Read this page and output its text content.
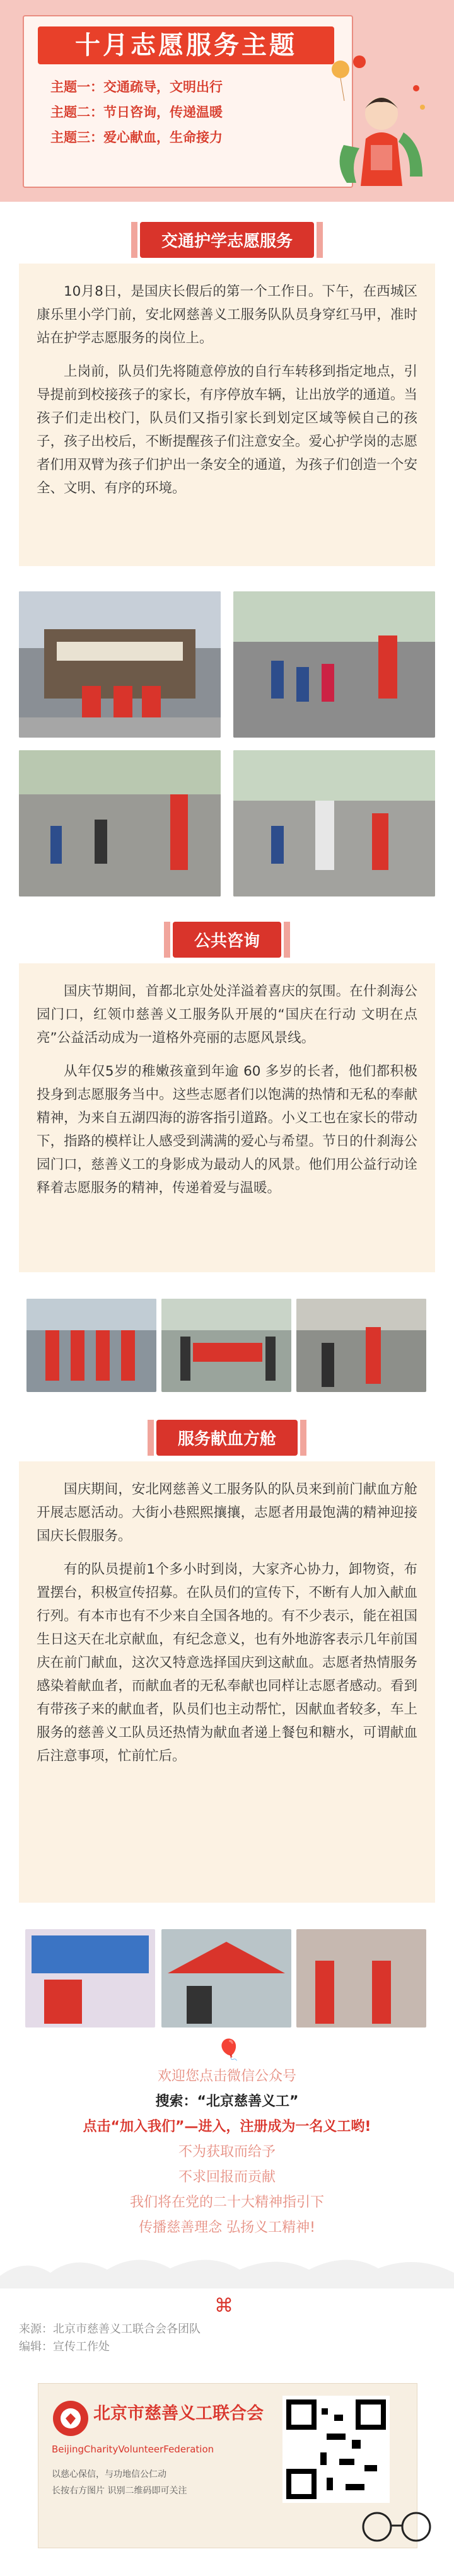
十月志愿服务主题
主题一：交通疏导，文明出行
主题二：节日咨询，传递温暖
主题三：爱心献血，生命接力
交通护学志愿服务

10月8日，是国庆长假后的第一个工作日。下午，在西城区康乐里小学门前，安北网慈善义工服务队队员身穿红马甲，准时站在护学志愿服务的岗位上。

上岗前，队员们先将随意停放的自行车转移到指定地点，引导提前到校接孩子的家长，有序停放车辆，让出放学的通道。当孩子们走出校门，队员们又指引家长到划定区域等候自己的孩子，孩子出校后，不断提醒孩子们注意安全。爱心护学岗的志愿者们用双臂为孩子们护出一条安全的通道，为孩子们创造一个安全、文明、有序的环境。

公共咨询

国庆节期间，首都北京处处洋溢着喜庆的氛围。在什刹海公园门口，红领巾慈善义工服务队开展的“国庆在行动 文明在点亮”公益活动成为一道格外亮丽的志愿风景线。

从年仅5岁的稚嫩孩童到年逾 60 多岁的长者，他们都积极投身到志愿服务当中。这些志愿者们以饱满的热情和无私的奉献精神，为来自五湖四海的游客指引道路。小义工也在家长的带动下，指路的模样让人感受到满满的爱心与希望。节日的什刹海公园门口，慈善义工的身影成为最动人的风景。他们用公益行动诠释着志愿服务的精神，传递着爱与温暖。

服务献血方舱

国庆期间，安北网慈善义工服务队的队员来到前门献血方舱开展志愿活动。大街小巷熙熙攘攘，志愿者用最饱满的精神迎接国庆长假服务。

有的队员提前1个多小时到岗，大家齐心协力，卸物资，布置摆台，积极宣传招募。在队员们的宣传下，不断有人加入献血行列。有本市也有不少来自全国各地的。有不少表示，能在祖国生日这天在北京献血，有纪念意义，也有外地游客表示几年前国庆在前门献血，这次又特意选择国庆到这献血。志愿者热情服务感染着献血者，而献血者的无私奉献也同样让志愿者感动。看到有带孩子来的献血者，队员们也主动帮忙，因献血者较多，车上服务的慈善义工队员还热情为献血者递上餐包和糖水，可谓献血后注意事项，忙前忙后。

🎈
欢迎您点击微信公众号
搜索：“北京慈善义工”
点击“加入我们”—进入，注册成为一名义工哟!
不为获取而给予
不求回报而贡献
我们将在党的二十大精神指引下
传播慈善理念 弘扬义工精神!
⌘
来源：北京市慈善义工联合会各团队
编辑：宣传工作处
北京市慈善义工联合会
BeijingCharityVolunteerFederation
以慈心保信，与功地信公仁动
长按右方图片 识别二维码即可关注
